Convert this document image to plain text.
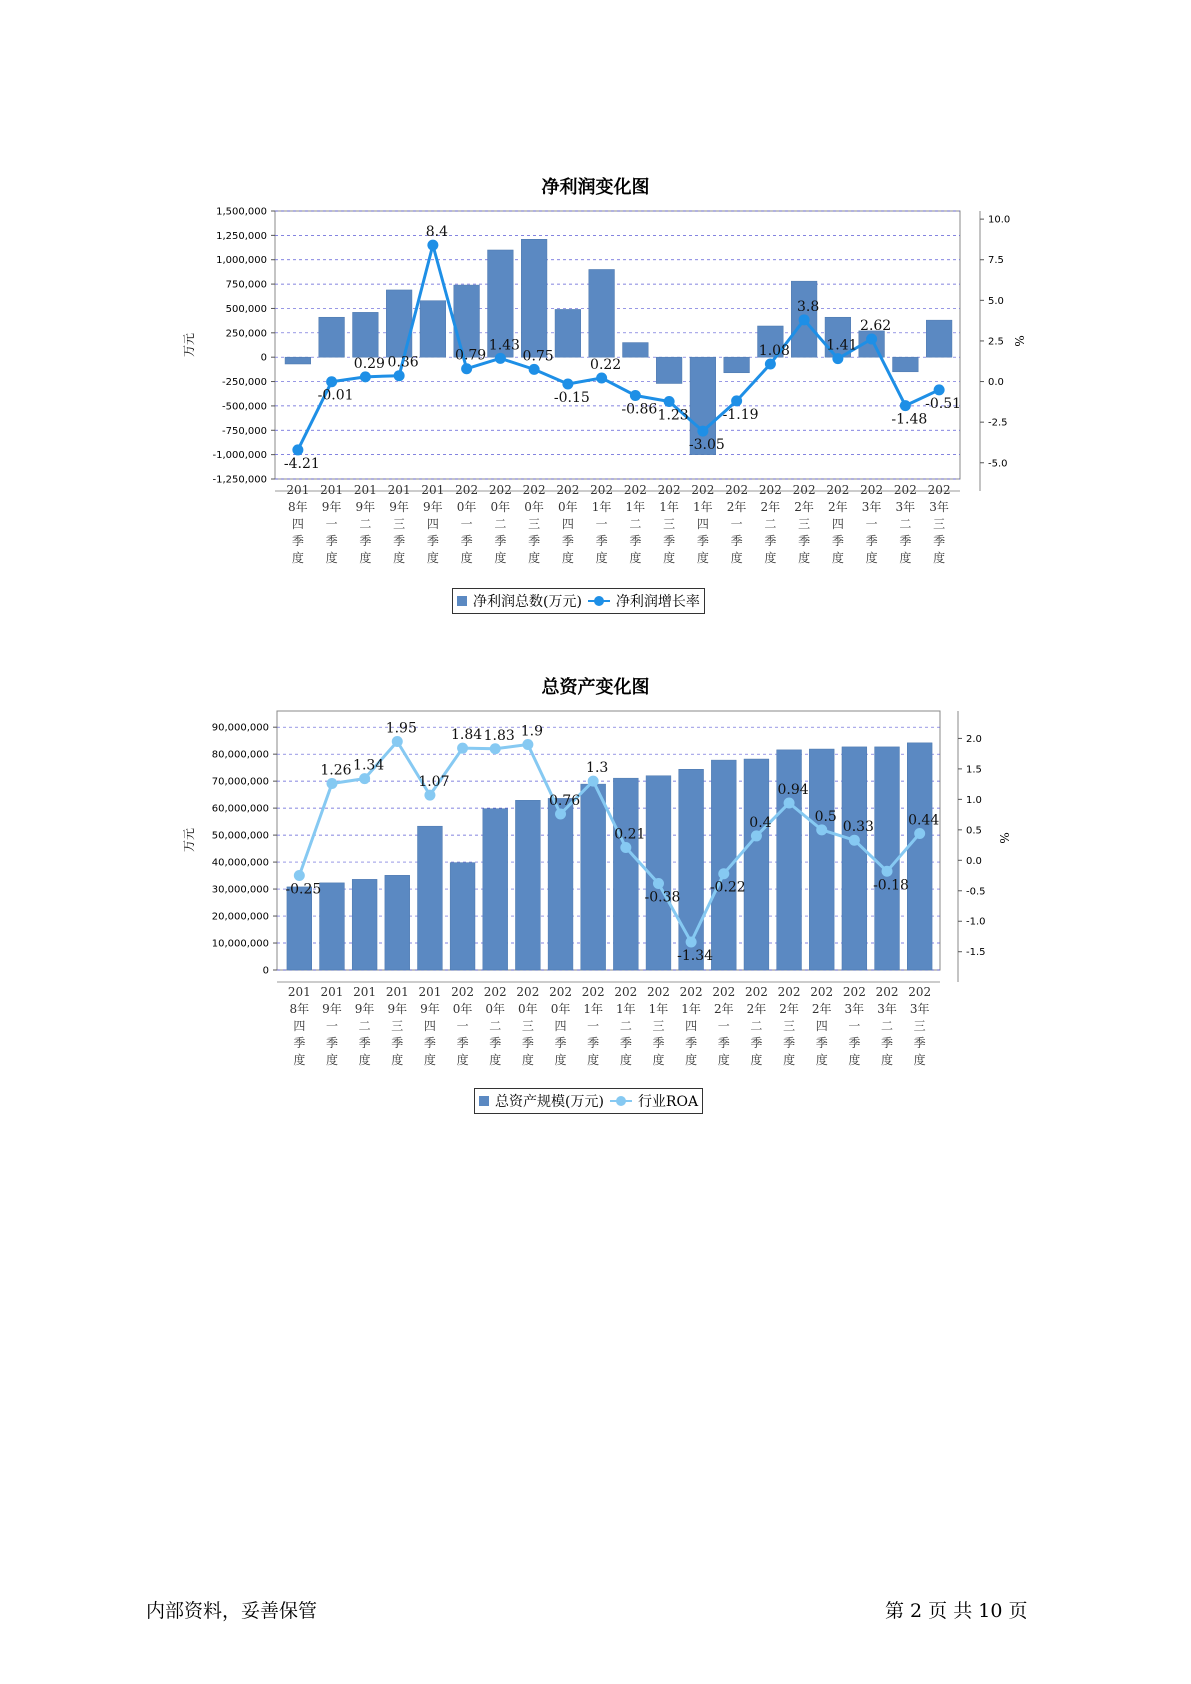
净利润变化图
1,500,000
1,250,000
1,000,000
750,000
500,000
250,000
0
-250,000
-500,000
-750,000
-1,000,000
-1,250,000
10.0
7.5
5.0
2.5
0.0
-2.5
-5.0
万元	%
-4.21
-0.01
0.29 0.36
8.4
0.79
1.43
0.75
-0.15
0.22
-0.86 1.23
-3.05
-1.19
1.08
3.8
1.41
2.62
-1.48
-0.51
201
8年
四
季
度
201
9年
一
季
度
201
9年
二
季
度
201
9年
三
季
度
201
9年
四
季
度
202
0年
一
季
度
202
0年
二
季
度
202
0年
三
季
度
202
0年
四
季
度
202
1年
一
季
度
202
1年
二
季
度
202
1年
三
季
度
202
1年
四
季
度
202
2年
一
季
度
202
2年
二
季
度
202
2年
三
季
度
202
2年
四
季
度
202
3年
一
季
度
202
3年
二
季
度
202
3年
三
季
度
净利润总数(万元) 净利润增长率
总资产变化图
90,000,000
80,000,000
70,000,000
60,000,000
50,000,000
40,000,000
30,000,000
20,000,000
10,000,000
0
2.0
1.5
1.0
0.5
0.0
-0.5
-1.0
-1.5
万元	%
-0.25
1.26 1.34
1.95
1.07
1.84 1.83 1.9
0.76
1.3
0.21
-0.38
-1.34
-0.22
0.4
0.94
0.5
0.33
-0.18
0.44
201
8年
四
季
度
201
9年
一
季
度
201
9年
二
季
度
201
9年
三
季
度
201
9年
四
季
度
202
0年
一
季
度
202
0年
二
季
度
202
0年
三
季
度
202
0年
四
季
度
202
1年
一
季
度
202
1年
二
季
度
202
1年
三
季
度
202
1年
四
季
度
202
2年
一
季
度
202
2年
二
季
度
202
2年
三
季
度
202
2年
四
季
度
202
3年
一
季
度
202
3年
二
季
度
202
3年
三
季
度
总资产规模(万元) 行业ROA
内部资料，妥善保管	第 2 页 共 10 页
